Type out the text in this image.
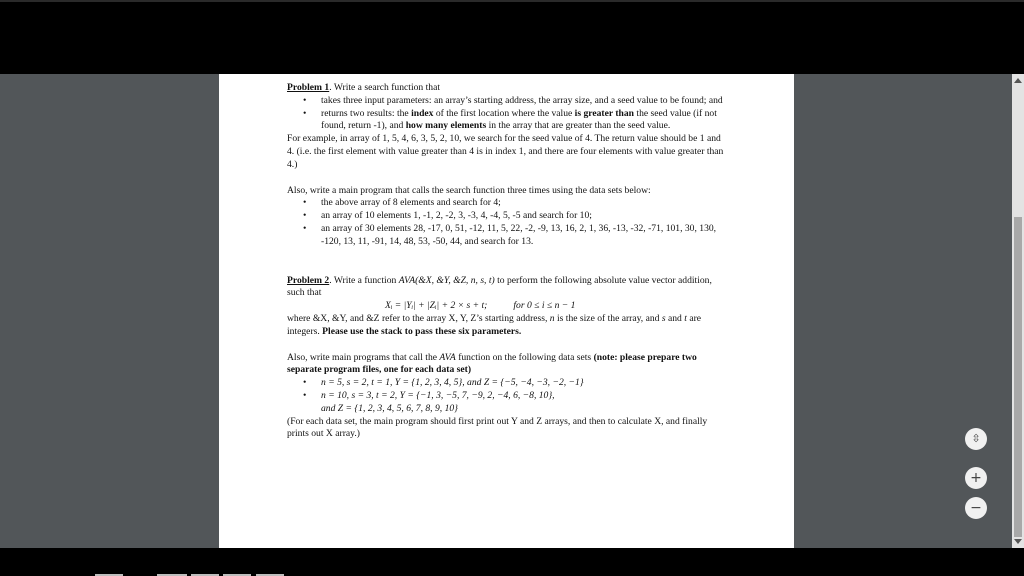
Problem 1. Write a search function that

• takes three input parameters: an array’s starting address, the array size, and a seed value to be found; and
• returns two results: the index of the first location where the value is greater than the seed value (if not found, return -1), and how many elements in the array that are greater than the seed value.

For example, in array of 1, 5, 4, 6, 3, 5, 2, 10, we search for the seed value of 4. The return value should be 1 and 4. (i.e. the first element with value greater than 4 is in index 1, and there are four elements with value greater than 4.)

Also, write a main program that calls the search function three times using the data sets below:

• the above array of 8 elements and search for 4;
• an array of 10 elements 1, -1, 2, -2, 3, -3, 4, -4, 5, -5 and search for 10;
• an array of 30 elements 28, -17, 0, 51, -12, 11, 5, 22, -2, -9, 13, 16, 2, 1, 36, -13, -32, -71, 101, 30, 130, -120, 13, 11, -91, 14, 48, 53, -50, 44, and search for 13.

Problem 2. Write a function AVA(&X, &Y, &Z, n, s, t) to perform the following absolute value vector addition, such that

Xᵢ = |Yᵢ| + |Zᵢ| + 2 × s + t;	for 0 ≤ i ≤ n − 1

where &X, &Y, and &Z refer to the array X, Y, Z’s starting address, n is the size of the array, and s and t are integers. Please use the stack to pass these six parameters.

Also, write main programs that call the AVA function on the following data sets (note: please prepare two separate program files, one for each data set)

• n = 5, s = 2, t = 1, Y = {1, 2, 3, 4, 5}, and Z = {−5, −4, −3, −2, −1}
• n = 10, s = 3, t = 2, Y = {−1, 3, −5, 7, −9, 2, −4, 6, −8, 10},
and Z = {1, 2, 3, 4, 5, 6, 7, 8, 9, 10}

(For each data set, the main program should first print out Y and Z arrays, and then to calculate X, and finally prints out X array.)	⇳
+
−
